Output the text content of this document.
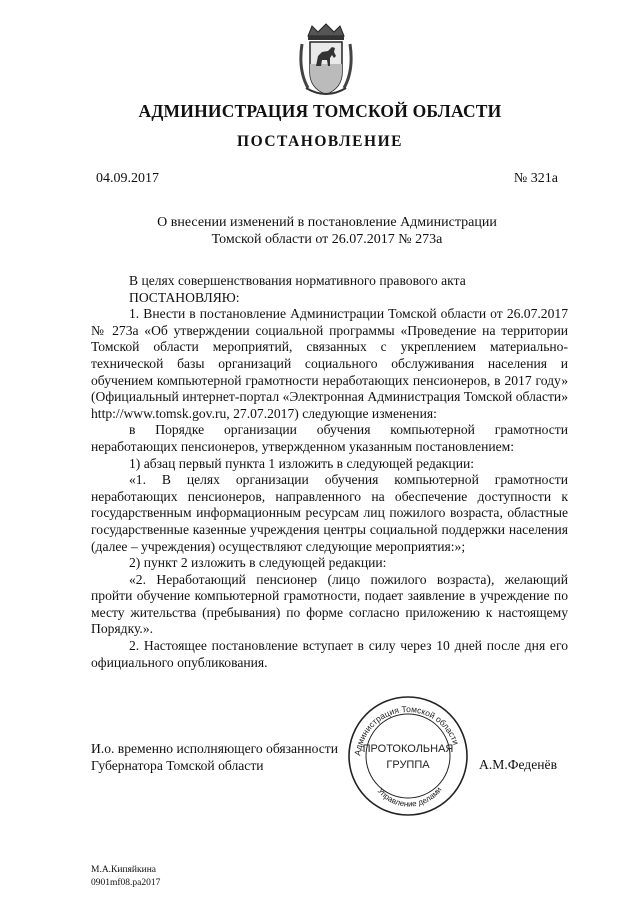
АДМИНИСТРАЦИЯ ТОМСКОЙ ОБЛАСТИ
ПОСТАНОВЛЕНИЕ
04.09.2017	№ 321а
О внесении изменений в постановление Администрации
Томской области от 26.07.2017 № 273а

В целях совершенствования нормативного правового акта

ПОСТАНОВЛЯЮ:

1. Внести в постановление Администрации Томской области от 26.07.2017 № 273а «Об утверждении социальной программы «Проведение на территории Томской области мероприятий, связанных с укреплением материально-технической базы организаций социального обслуживания населения и обучением компьютерной грамотности неработающих пенсионеров, в 2017 году» (Официальный интернет-портал «Электронная Администрация Томской области» http://www.tomsk.gov.ru, 27.07.2017) следующие изменения:

в Порядке организации обучения компьютерной грамотности неработающих пенсионеров, утвержденном указанным постановлением:

1) абзац первый пункта 1 изложить в следующей редакции:

«1. В целях организации обучения компьютерной грамотности неработающих пенсионеров, направленного на обеспечение доступности к государственным информационным ресурсам лиц пожилого возраста, областные государственные казенные учреждения центры социальной поддержки населения (далее – учреждения) осуществляют следующие мероприятия:»;

2) пункт 2 изложить в следующей редакции:

«2. Неработающий пенсионер (лицо пожилого возраста), желающий пройти обучение компьютерной грамотности, подает заявление в учреждение по месту жительства (пребывания) по форме согласно приложению к настоящему Порядку.».

2. Настоящее постановление вступает в силу через 10 дней после дня его официального опубликования.

И.о. временно исполняющего обязанности
Губернатора Томской области
Администрация Томской области
Управление делами
ПРОТОКОЛЬНАЯ
ГРУППА	А.М.Феденёв
М.А.Кипяйкина
0901mf08.pa2017
